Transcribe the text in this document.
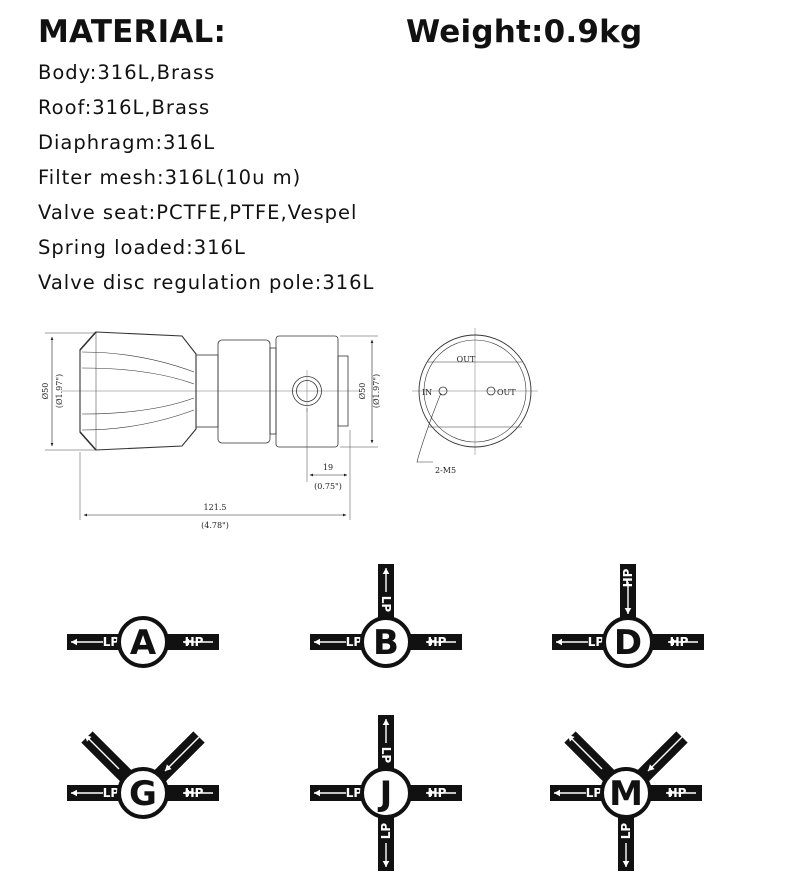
MATERIAL:	Weight:0.9kg
Body:316L,Brass
Roof:316L,Brass
Diaphragm:316L
Filter mesh:316L(10u m)
Valve seat:PCTFE,PTFE,Vespel
Spring loaded:316L
Valve disc regulation pole:316L
Ø50 (Ø1.97")	Ø50 (Ø1.97")
19
(0.75")
121.5
(4.78")
OUT
IN	OUT
2-M5
LP	HP
A	LP	HP
LP
B	LP	HP
HP
D
LP	HP
G	LP	HP
LP
LP
J	LP	HP
LP
M
